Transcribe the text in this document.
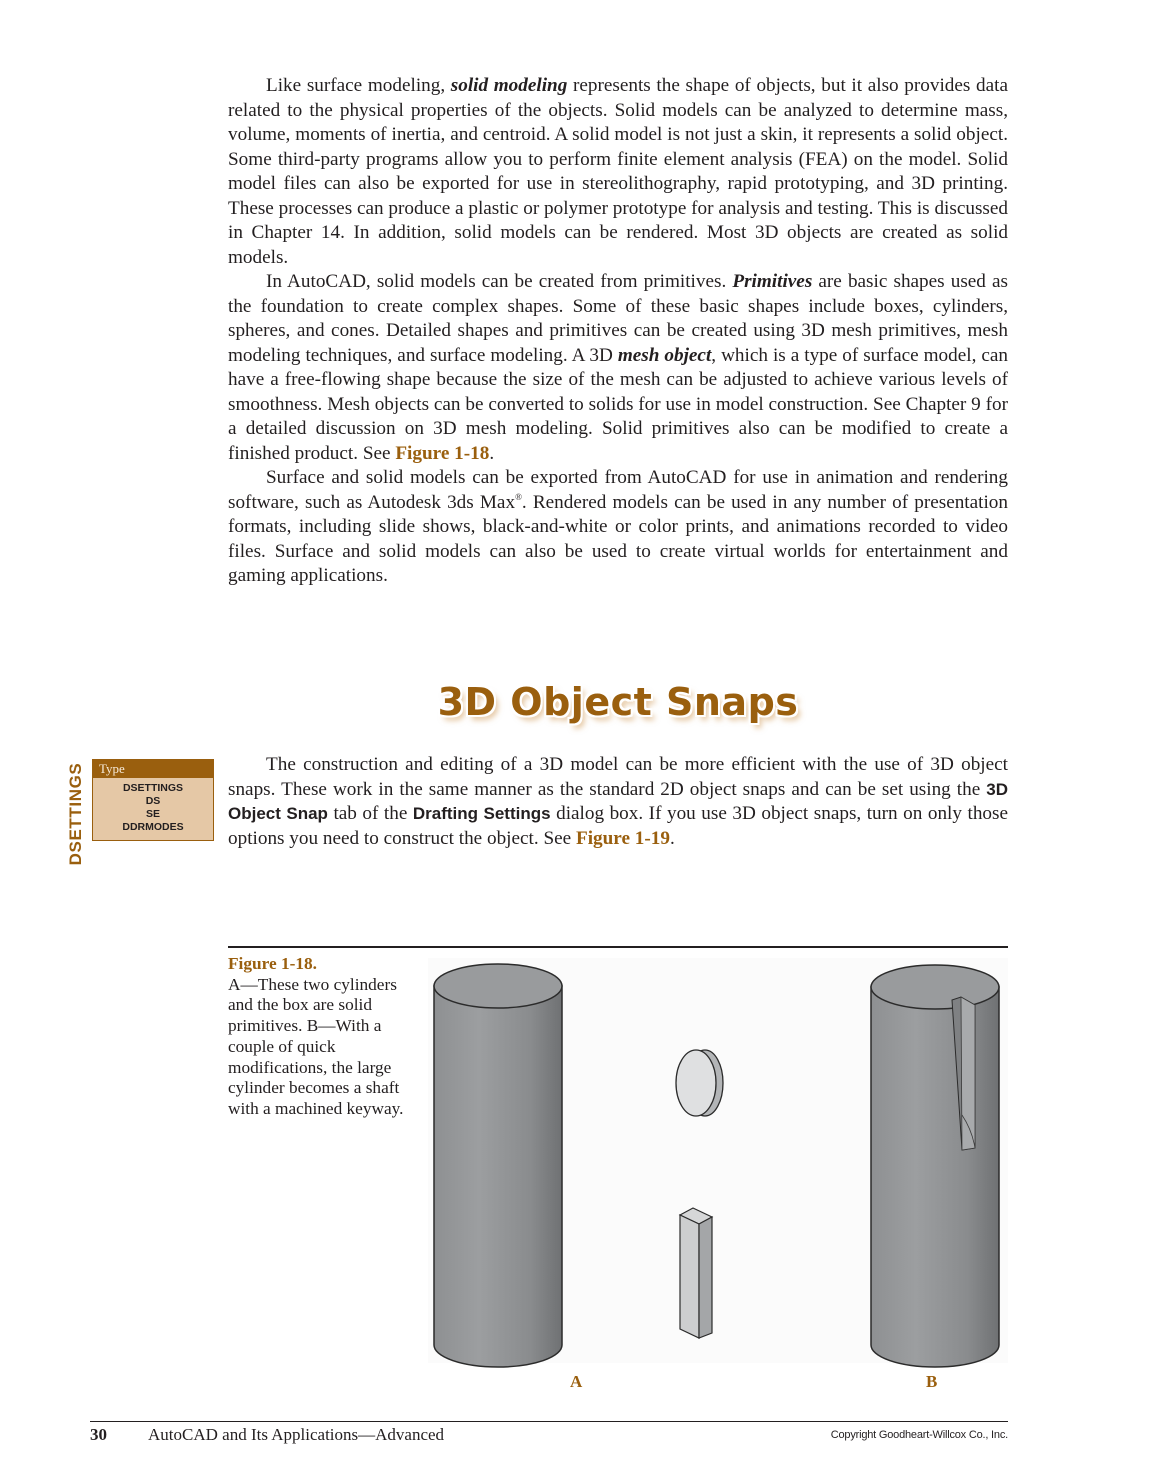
Like surface modeling, solid modeling represents the shape of objects, but it also provides data related to the physical properties of the objects. Solid models can be analyzed to determine mass, volume, moments of inertia, and centroid. A solid model is not just a skin, it represents a solid object. Some third-party programs allow you to perform finite element analysis (FEA) on the model. Solid model files can also be exported for use in stereolithography, rapid prototyping, and 3D printing. These processes can produce a plastic or polymer prototype for analysis and testing. This is discussed in Chapter 14. In addition, solid models can be rendered. Most 3D objects are created as solid models.

In AutoCAD, solid models can be created from primitives. Primitives are basic shapes used as the foundation to create complex shapes. Some of these basic shapes include boxes, cylinders, spheres, and cones. Detailed shapes and primitives can be created using 3D mesh primitives, mesh modeling techniques, and surface modeling. A 3D mesh object, which is a type of surface model, can have a free-flowing shape because the size of the mesh can be adjusted to achieve various levels of smoothness. Mesh objects can be converted to solids for use in model construction. See Chapter 9 for a detailed discussion on 3D mesh modeling. Solid primitives also can be modified to create a finished product. See Figure 1-18.

Surface and solid models can be exported from AutoCAD for use in animation and rendering software, such as Autodesk 3ds Max®. Rendered models can be used in any number of presentation formats, including slide shows, black-and-white or color prints, and animations recorded to video files. Surface and solid models can also be used to create virtual worlds for entertainment and gaming applications.

3D Object Snaps
DSETTINGS	Type
DSETTINGS
DS
SE
DDRMODES

The construction and editing of a 3D model can be more efficient with the use of 3D object snaps. These work in the same manner as the standard 2D object snaps and can be set using the 3D Object Snap tab of the Drafting Settings dialog box. If you use 3D object snaps, turn on only those options you need to construct the object. See Figure 1-19.

Figure 1-18.
A—These two cylinders and the box are solid primitives. B—With a couple of quick modifications, the large cylinder becomes a shaft with a machined keyway.
A	B
30 AutoCAD and Its Applications—Advanced	Copyright Goodheart-Willcox Co., Inc.
